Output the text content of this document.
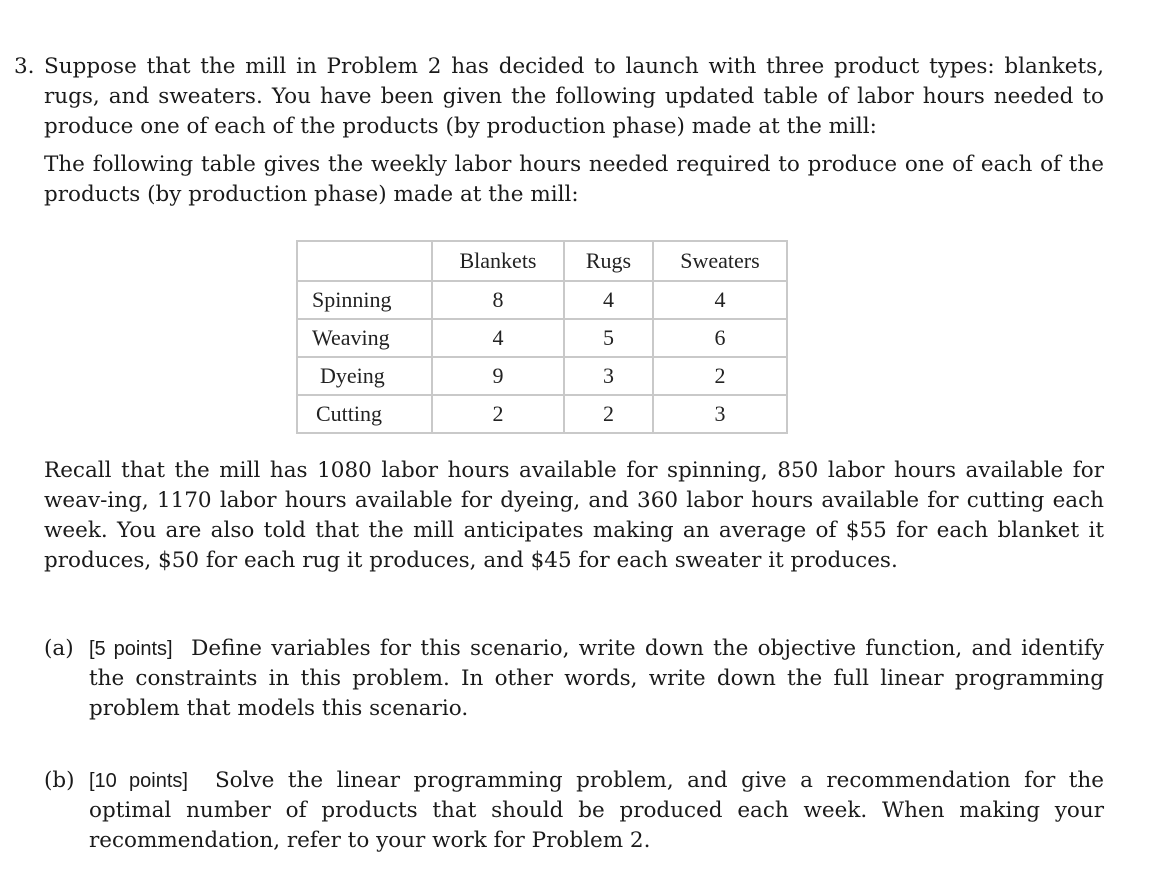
3. Suppose that the mill in Problem 2 has decided to launch with three product types: blankets, rugs, and sweaters. You have been given the following updated table of labor hours needed to produce one of each of the products (by production phase) made at the mill:
The following table gives the weekly labor hours needed required to produce one of each of the products (by production phase) made at the mill:
	Blankets	Rugs	Sweaters
Spinning	8	4	4
Weaving	4	5	6
Dyeing	9	3	2
Cutting	2	2	3
Recall that the mill has 1080 labor hours available for spinning, 850 labor hours available for weav-ing, 1170 labor hours available for dyeing, and 360 labor hours available for cutting each week. You are also told that the mill anticipates making an average of $55 for each blanket it produces, $50 for each rug it produces, and $45 for each sweater it produces.
(a) [5 points] Define variables for this scenario, write down the objective function, and identify the constraints in this problem. In other words, write down the full linear programming problem that models this scenario.
(b) [10 points] Solve the linear programming problem, and give a recommendation for the optimal number of products that should be produced each week. When making your recommendation, refer to your work for Problem 2.
